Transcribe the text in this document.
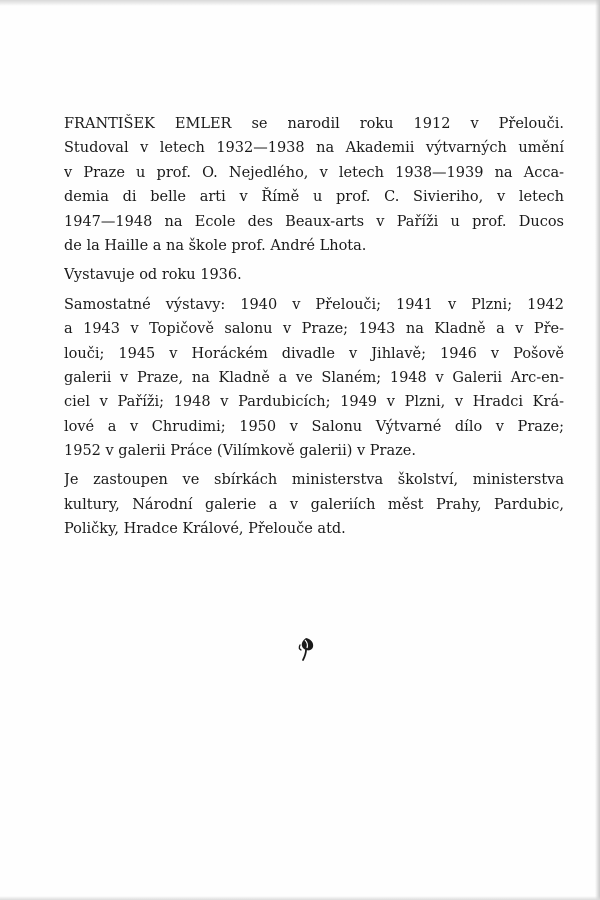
FRANTIŠEK EMLER se narodil roku 1912 v Přelouči.
Studoval v letech 1932—1938 na Akademii výtvarných umění
v Praze u prof. O. Nejedlého, v letech 1938—1939 na Acca-
demia di belle arti v Římě u prof. C. Sivieriho, v letech
1947—1948 na Ecole des Beaux-arts v Paříži u prof. Ducos
de la Haille a na škole prof. André Lhota.
Vystavuje od roku 1936.
Samostatné výstavy: 1940 v Přelouči; 1941 v Plzni; 1942
a 1943 v Topičově salonu v Praze; 1943 na Kladně a v Pře-
louči; 1945 v Horáckém divadle v Jihlavě; 1946 v Pošově
galerii v Praze, na Kladně a ve Slaném; 1948 v Galerii Arc-en-
ciel v Paříži; 1948 v Pardubicích; 1949 v Plzni, v Hradci Krá-
lové a v Chrudimi; 1950 v Salonu Výtvarné dílo v Praze;
1952 v galerii Práce (Vilímkově galerii) v Praze.
Je zastoupen ve sbírkách ministerstva školství, ministerstva
kultury, Národní galerie a v galeriích měst Prahy, Pardubic,
Poličky, Hradce Králové, Přelouče atd.
